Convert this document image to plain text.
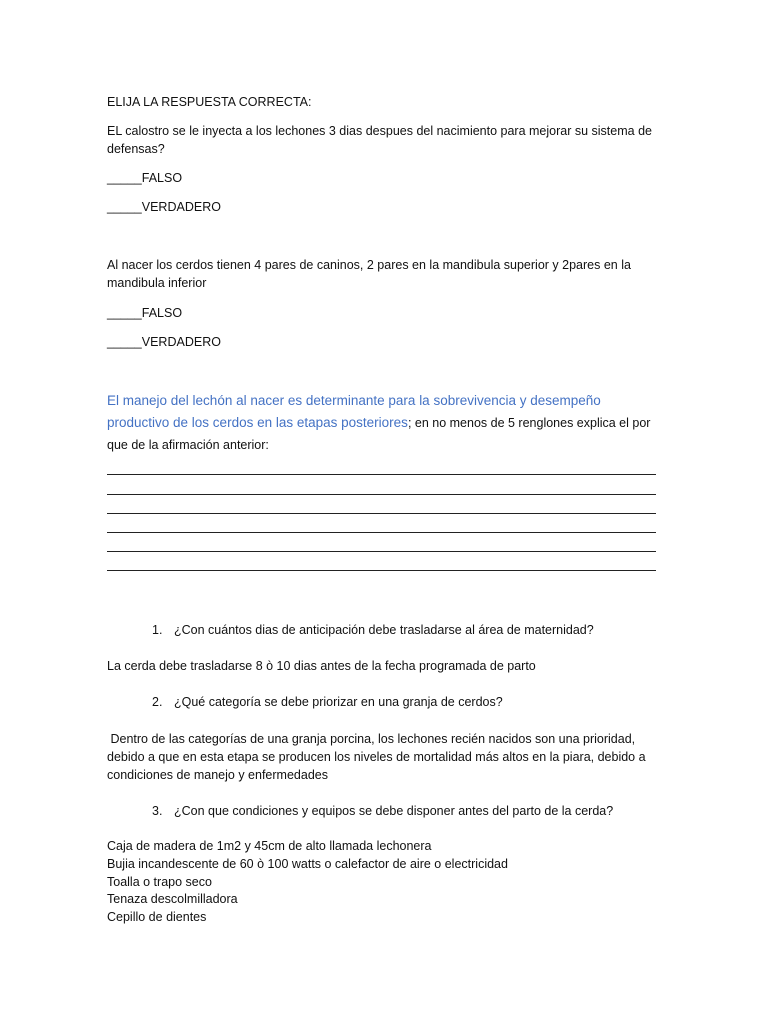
ELIJA LA RESPUESTA CORRECTA:
EL calostro se le inyecta a los lechones 3 dias despues del nacimiento para mejorar su sistema de defensas?
_____FALSO
_____VERDADERO
Al nacer los cerdos tienen 4 pares de caninos, 2 pares en la mandibula superior y 2pares en la mandibula inferior
_____FALSO
_____VERDADERO
El manejo del lechón al nacer es determinante para la sobrevivencia y desempeño productivo de los cerdos en las etapas posteriores; en no menos de 5 renglones explica el por que de la afirmación anterior:
1. ¿Con cuántos dias de anticipación debe trasladarse al área de maternidad?
La cerda debe trasladarse 8 ò 10 dias antes de la fecha programada de parto
2. ¿Qué categoría se debe priorizar en una granja de cerdos?
Dentro de las categorías de una granja porcina, los lechones recién nacidos son una prioridad, debido a que en esta etapa se producen los niveles de mortalidad más altos en la piara, debido a condiciones de manejo y enfermedades
3. ¿Con que condiciones y equipos se debe disponer antes del parto de la cerda?
Caja de madera de 1m2 y 45cm de alto llamada lechonera
Bujia incandescente de 60 ò 100 watts o calefactor de aire o electricidad
Toalla o trapo seco
Tenaza descolmilladora
Cepillo de dientes
